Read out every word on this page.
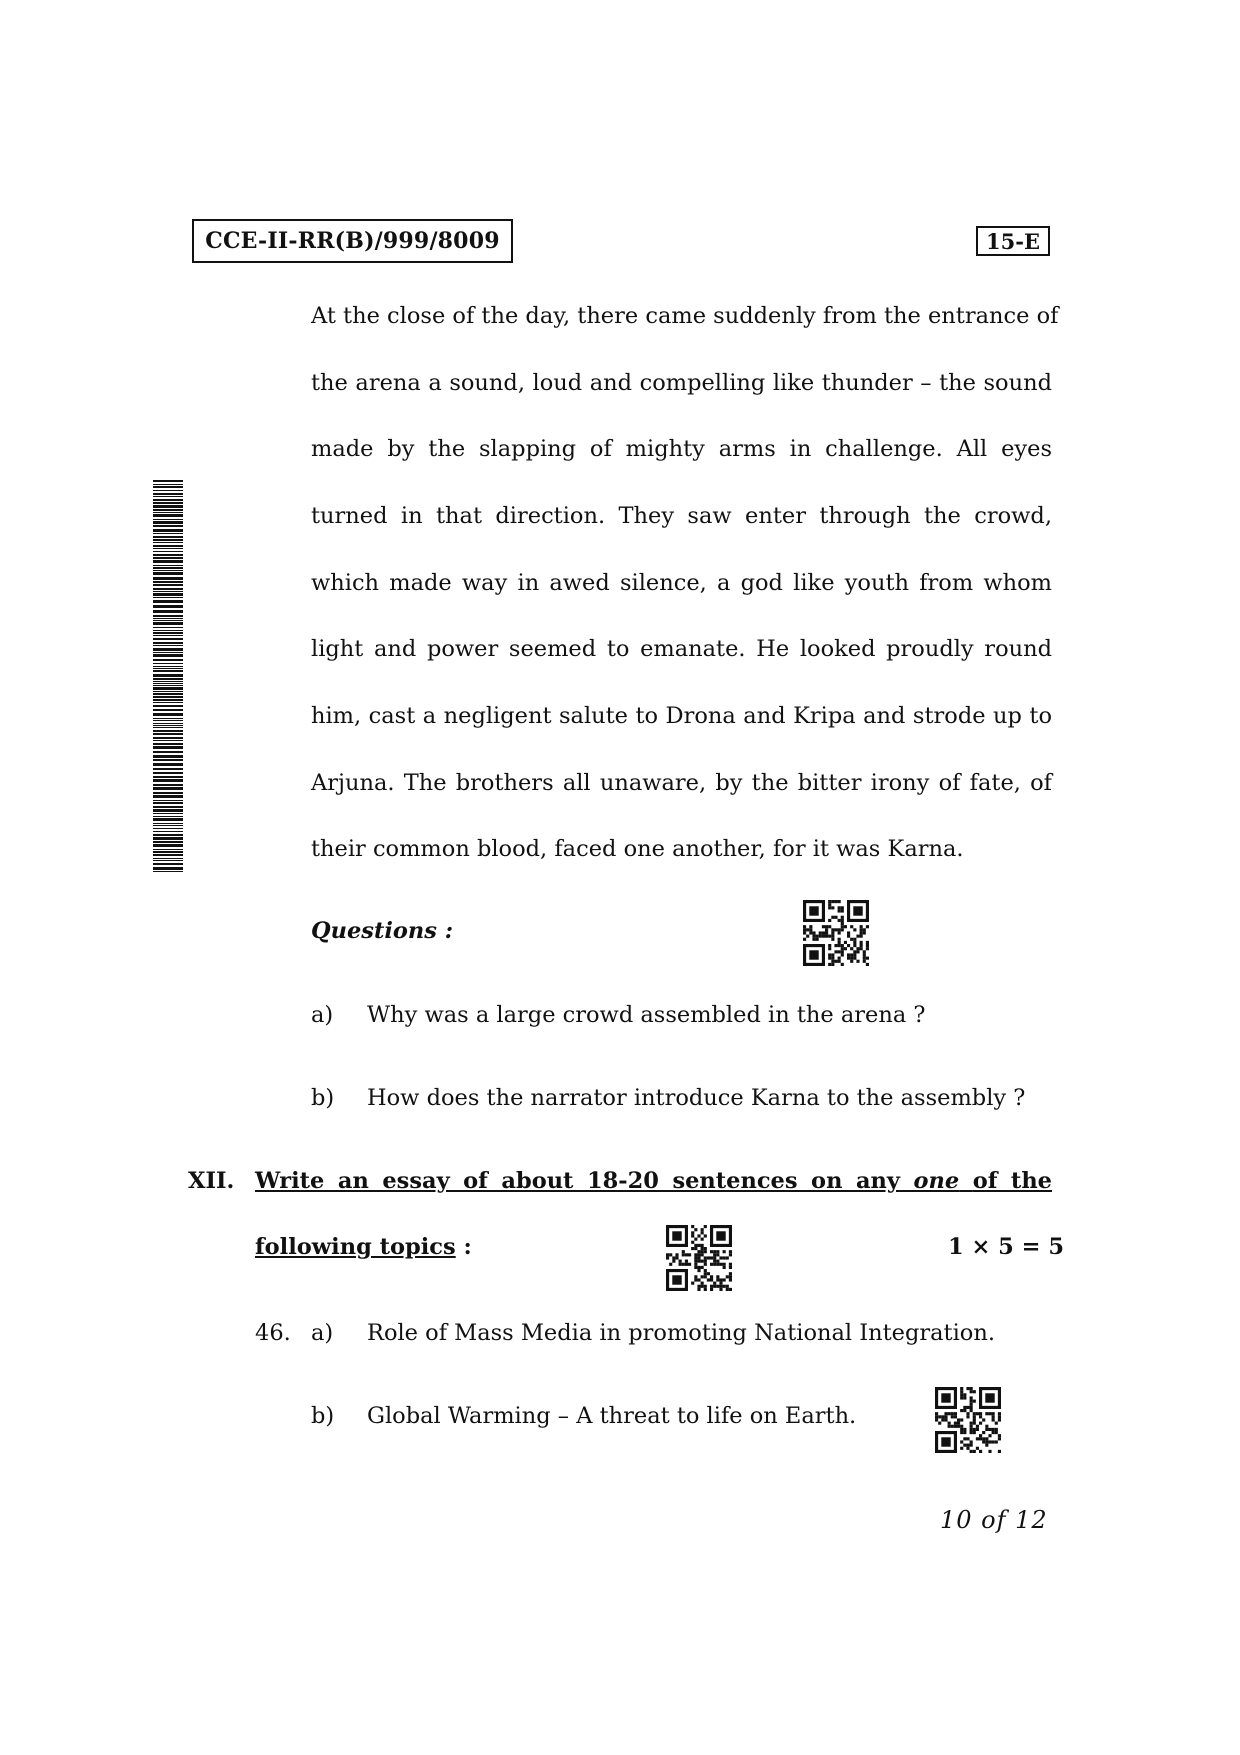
CCE-II-RR(B)/999/8009	15-E
At the close of the day, there came suddenly from the entrance of
the arena a sound, loud and compelling like thunder – the sound
made by the slapping of mighty arms in challenge. All eyes
turned in that direction. They saw enter through the crowd,
which made way in awed silence, a god like youth from whom
light and power seemed to emanate. He looked proudly round
him, cast a negligent salute to Drona and Kripa and strode up to
Arjuna. The brothers all unaware, by the bitter irony of fate, of
their common blood, faced one another, for it was Karna.
Questions :
a) Why was a large crowd assembled in the arena ?
b) How does the narrator introduce Karna to the assembly ?
XII. Write an essay of about 18-20 sentences on any one of the
following topics :	1 × 5 = 5
46. a) Role of Mass Media in promoting National Integration.
b) Global Warming – A threat to life on Earth.
10 of 12
